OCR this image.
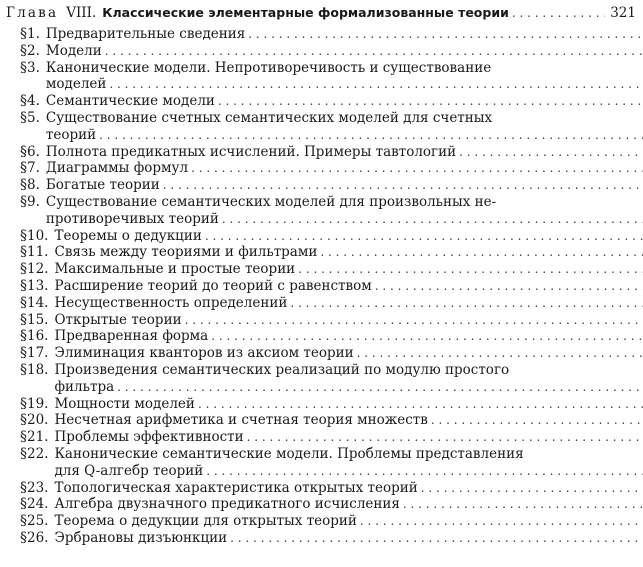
Глава VIII. Классические элементарные формализованные теории
. . .	321
§ 1. Предварительные сведения
. . .
§ 2. Модели
. . .
§ 3. Канонические модели. Непротиворечивость и существование
моделей
. . .
§ 4. Семантические модели
. . .
§ 5. Существование счетных семантических моделей для счетных
теорий
. . .
§ 6. Полнота предикатных исчислений. Примеры тавтологий
. . .
§ 7. Диаграммы формул
. . .
§ 8. Богатые теории
. . .
§ 9. Существование семантических моделей для произвольных не-
противоречивых теорий
. . .
§ 10. Теоремы о дедукции
. . .
§ 11. Связь между теориями и фильтрами
. . .
§ 12. Максимальные и простые теории
. . .
§ 13. Расширение теорий до теорий с равенством
. . .
§ 14. Несущественность определений
. . .
§ 15. Открытые теории
. . .
§ 16. Предваренная форма
. . .
§ 17. Элиминация кванторов из аксиом теории
. . .
§ 18. Произведения семантических реализаций по модулю простого
фильтра
. . .
§ 19. Мощности моделей
. . .
§ 20. Несчетная арифметика и счетная теория множеств
. . .
§ 21. Проблемы эффективности
. . .
§ 22. Канонические семантические модели. Проблемы представления
для Q-алгебр теорий
. . .
§ 23. Топологическая характеристика открытых теорий
. . .
§ 24. Алгебра двузначного предикатного исчисления
. . .
§ 25. Теорема о дедукции для открытых теорий
. . .
§ 26. Эрбрановы дизъюнкции
. . .
